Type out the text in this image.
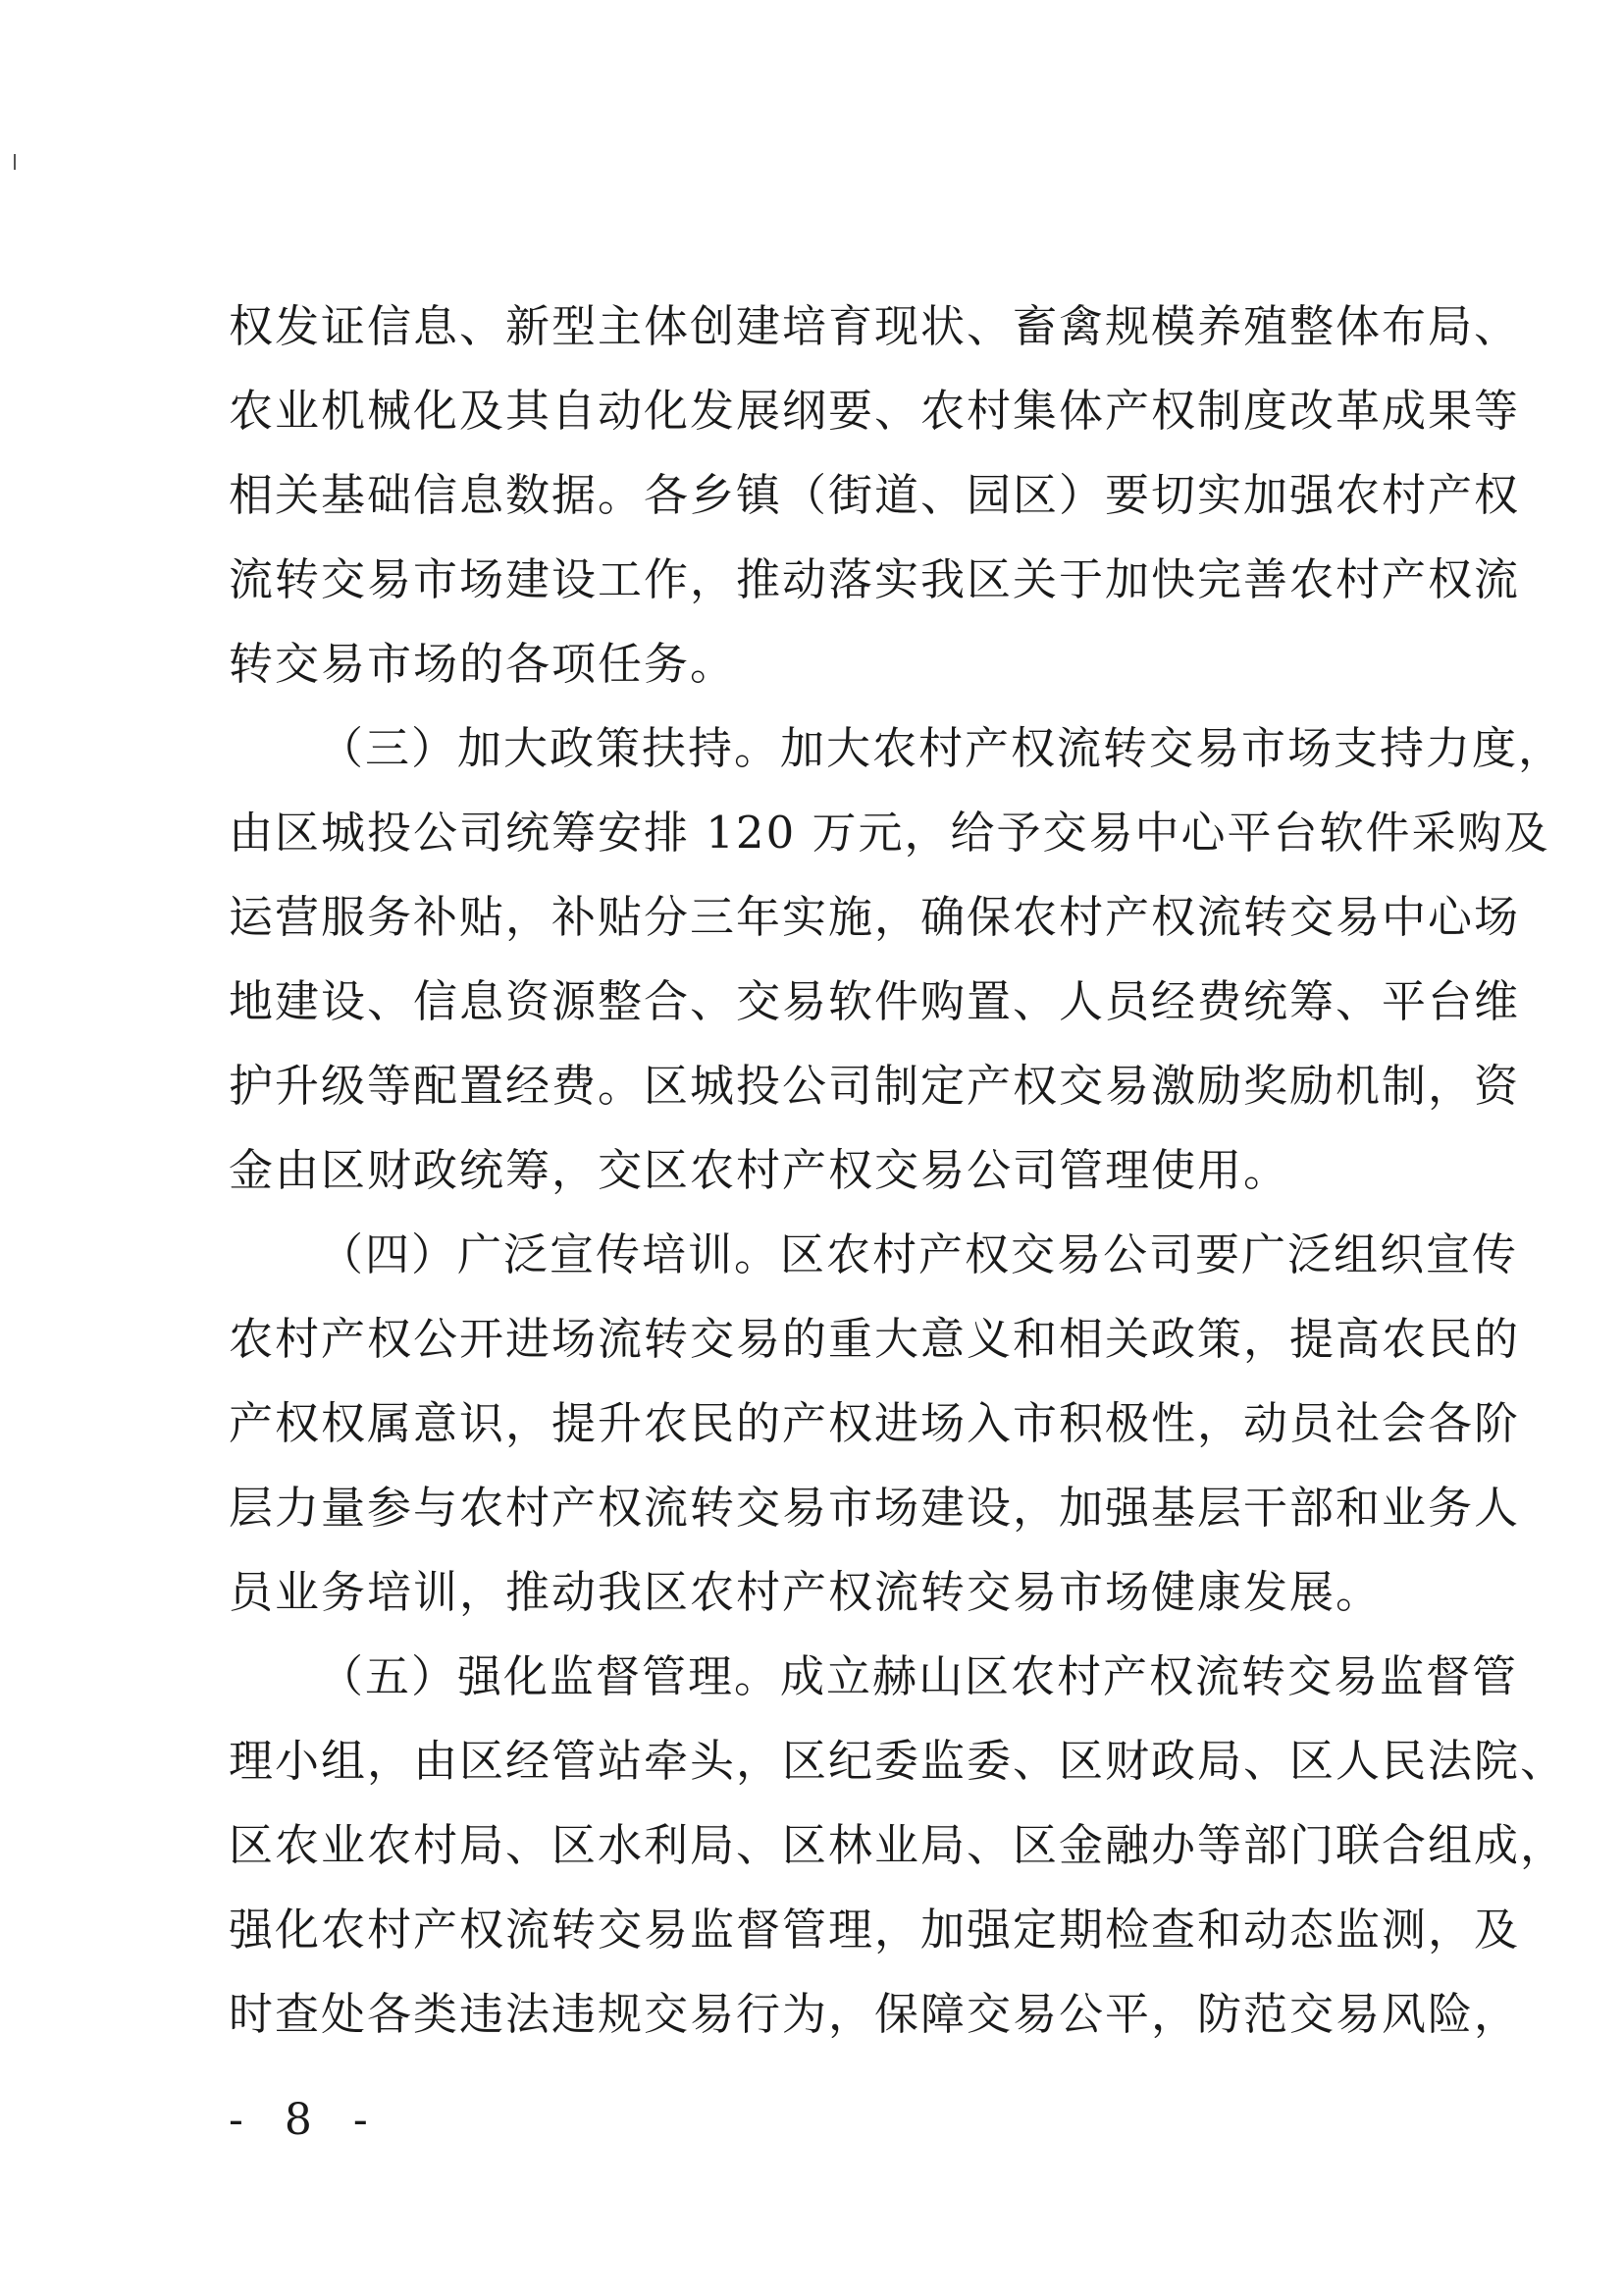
权发证信息、新型主体创建培育现状、畜禽规模养殖整体布局、
农业机械化及其自动化发展纲要、农村集体产权制度改革成果等
相关基础信息数据。各乡镇（街道、园区）要切实加强农村产权
流转交易市场建设工作，推动落实我区关于加快完善农村产权流
转交易市场的各项任务。

（三）加大政策扶持。加大农村产权流转交易市场支持力度，
由区城投公司统筹安排 120 万元，给予交易中心平台软件采购及
运营服务补贴，补贴分三年实施，确保农村产权流转交易中心场
地建设、信息资源整合、交易软件购置、人员经费统筹、平台维
护升级等配置经费。区城投公司制定产权交易激励奖励机制，资
金由区财政统筹，交区农村产权交易公司管理使用。

（四）广泛宣传培训。区农村产权交易公司要广泛组织宣传
农村产权公开进场流转交易的重大意义和相关政策，提高农民的
产权权属意识，提升农民的产权进场入市积极性，动员社会各阶
层力量参与农村产权流转交易市场建设，加强基层干部和业务人
员业务培训，推动我区农村产权流转交易市场健康发展。

（五）强化监督管理。成立赫山区农村产权流转交易监督管
理小组，由区经管站牵头，区纪委监委、区财政局、区人民法院、
区农业农村局、区水利局、区林业局、区金融办等部门联合组成，
强化农村产权流转交易监督管理，加强定期检查和动态监测，及
时查处各类违法违规交易行为，保障交易公平，防范交易风险，

- 8 -
